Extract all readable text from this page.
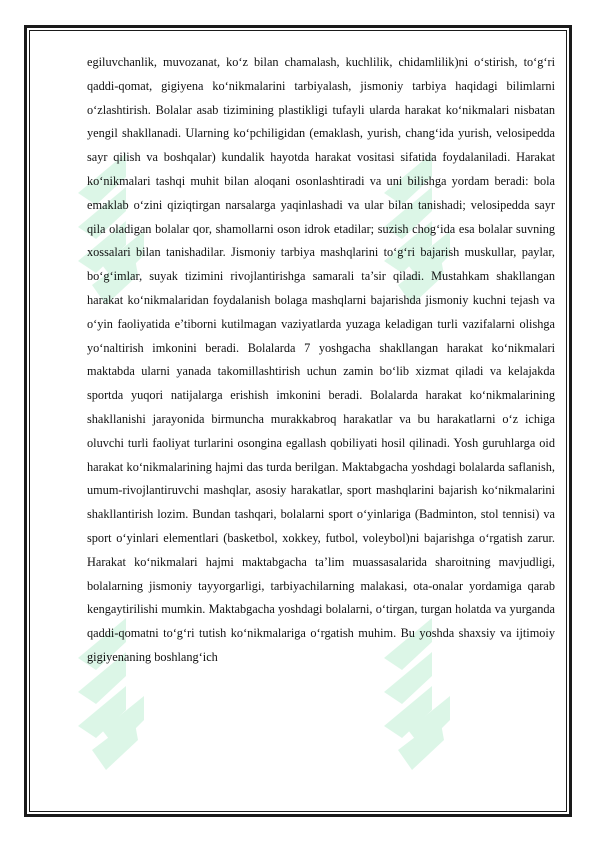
egiluvchanlik, muvozanat, ko‘z bilan chamalash, kuchlilik, chidamlilik)ni o‘stirish, to‘g‘ri qaddi-qomat, gigiyena ko‘nikmalarini tarbiyalash, jismoniy tarbiya haqidagi bilimlarni o‘zlashtirish. Bolalar asab tizimining plastikligi tufayli ularda harakat ko‘nikmalari nisbatan yengil shakllanadi. Ularning ko‘pchiligidan (emaklash, yurish, chang‘ida yurish, velosipedda sayr qilish va boshqalar) kundalik hayotda harakat vositasi sifatida foydalaniladi. Harakat ko‘nikmalari tashqi muhit bilan aloqani osonlashtiradi va uni bilishga yordam beradi: bola emaklab o‘zini qiziqtirgan narsalarga yaqinlashadi va ular bilan tanishadi; velosipedda sayr qila oladigan bolalar qor, shamollarni oson idrok etadilar; suzish chog‘ida esa bolalar suvning xossalari bilan tanishadilar. Jismoniy tarbiya mashqlarini to‘g‘ri bajarish muskullar, paylar, bo‘g‘imlar, suyak tizimini rivojlantirishga samarali ta’sir qiladi. Mustahkam shakllangan harakat ko‘nikmalaridan foydalanish bolaga mashqlarni bajarishda jismoniy kuchni tejash va o‘yin faoliyatida e’tiborni kutilmagan vaziyatlarda yuzaga keladigan turli vazifalarni olishga yo‘naltirish imkonini beradi. Bolalarda 7 yoshgacha shakllangan harakat ko‘nikmalari maktabda ularni yanada takomillashtirish uchun zamin bo‘lib xizmat qiladi va kelajakda sportda yuqori natijalarga erishish imkonini beradi. Bolalarda harakat ko‘nikmalarining shakllanishi jarayonida birmuncha murakkabroq harakatlar va bu harakatlarni o‘z ichiga oluvchi turli faoliyat turlarini osongina egallash qobiliyati hosil qilinadi. Yosh guruhlarga oid harakat ko‘nikmalarining hajmi das turda berilgan. Maktabgacha yoshdagi bolalarda saflanish, umum-rivojlantiruvchi mashqlar, asosiy harakatlar, sport mashqlarini bajarish ko‘nikmalarini shakllantirish lozim. Bundan tashqari, bolalarni sport o‘yinlariga (Badminton, stol tennisi) va sport o‘yinlari elementlari (basketbol, xokkey, futbol, voleybol)ni bajarishga o‘rgatish zarur. Harakat ko‘nikmalari hajmi maktabgacha ta’lim muassasalarida sharoitning mavjudligi, bolalarning jismoniy tayyorgarligi, tarbiyachilarning malakasi, ota-onalar yordamiga qarab kengaytirilishi mumkin. Maktabgacha yoshdagi bolalarni, o‘tirgan, turgan holatda va yurganda qaddi-qomatni to‘g‘ri tutish ko‘nikmalariga o‘rgatish muhim. Bu yoshda shaxsiy va ijtimoiy gigiyenaning boshlang‘ich
